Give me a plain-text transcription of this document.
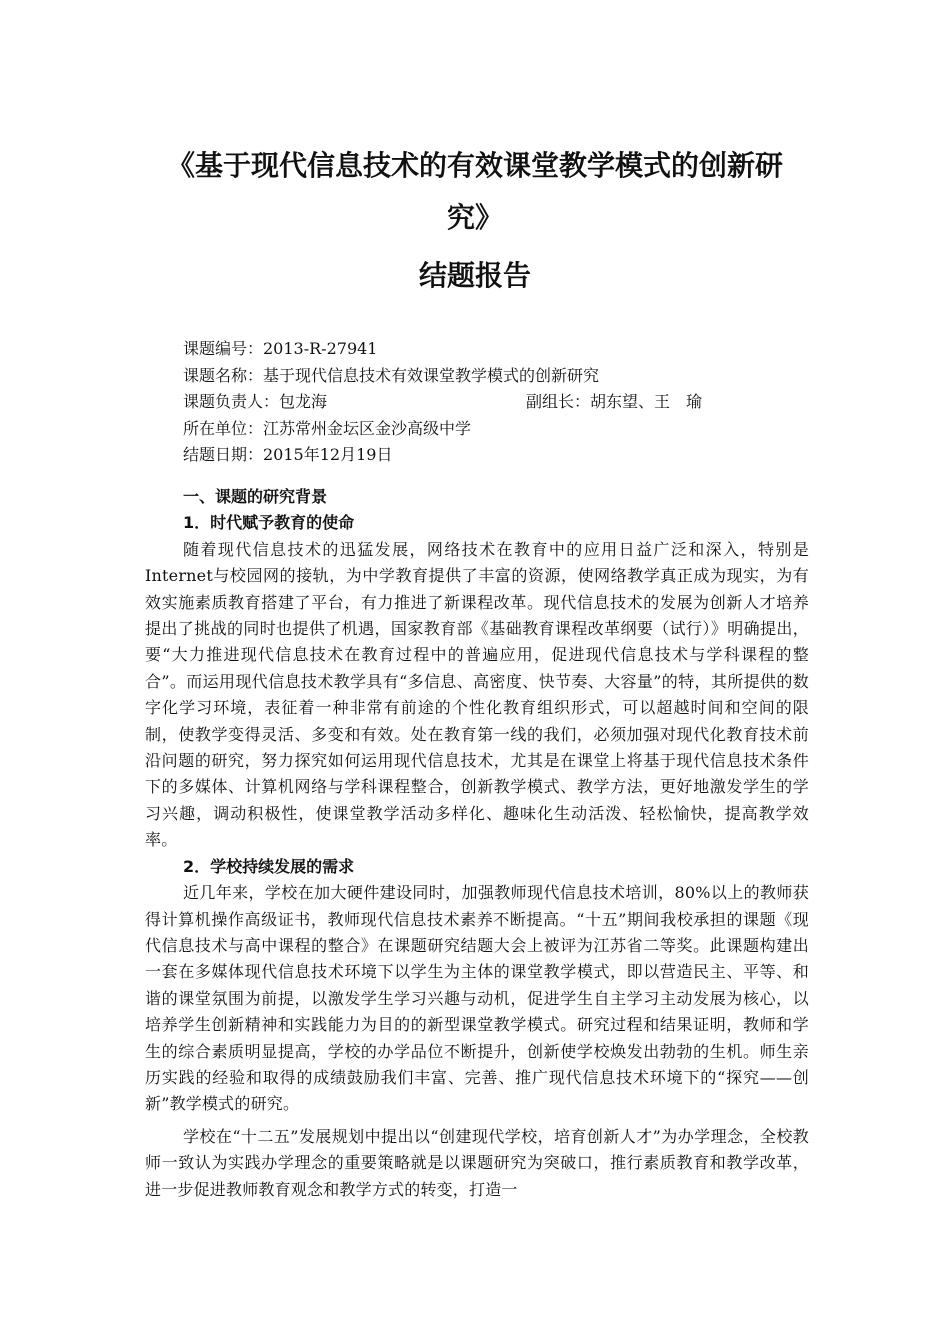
《基于现代信息技术的有效课堂教学模式的创新研
究》
结题报告
课题编号：2013-R-27941
课题名称：基于现代信息技术有效课堂教学模式的创新研究
课题负责人：包龙海	副组长：胡东望、王　瑜
所在单位：江苏常州金坛区金沙高级中学
结题日期：2015年12月19日

一、课题的研究背景

1．时代赋予教育的使命

随着现代信息技术的迅猛发展，网络技术在教育中的应用日益广泛和深入，特别是Internet与校园网的接轨，为中学教育提供了丰富的资源，使网络教学真正成为现实，为有效实施素质教育搭建了平台，有力推进了新课程改革。现代信息技术的发展为创新人才培养提出了挑战的同时也提供了机遇，国家教育部《基础教育课程改革纲要（试行）》明确提出，要“大力推进现代信息技术在教育过程中的普遍应用，促进现代信息技术与学科课程的整合”。而运用现代信息技术教学具有“多信息、高密度、快节奏、大容量”的特，其所提供的数字化学习环境，表征着一种非常有前途的个性化教育组织形式，可以超越时间和空间的限制，使教学变得灵活、多变和有效。处在教育第一线的我们，必须加强对现代化教育技术前沿问题的研究，努力探究如何运用现代信息技术，尤其是在课堂上将基于现代信息技术条件下的多媒体、计算机网络与学科课程整合，创新教学模式、教学方法，更好地激发学生的学习兴趣，调动积极性，使课堂教学活动多样化、趣味化生动活泼、轻松愉快，提高教学效率。

2．学校持续发展的需求

近几年来，学校在加大硬件建设同时，加强教师现代信息技术培训，80%以上的教师获得计算机操作高级证书，教师现代信息技术素养不断提高。“十五”期间我校承担的课题《现代信息技术与高中课程的整合》在课题研究结题大会上被评为江苏省二等奖。此课题构建出一套在多媒体现代信息技术环境下以学生为主体的课堂教学模式，即以营造民主、平等、和谐的课堂氛围为前提，以激发学生学习兴趣与动机，促进学生自主学习主动发展为核心，以培养学生创新精神和实践能力为目的的新型课堂教学模式。研究过程和结果证明，教师和学生的综合素质明显提高，学校的办学品位不断提升，创新使学校焕发出勃勃的生机。师生亲历实践的经验和取得的成绩鼓励我们丰富、完善、推广现代信息技术环境下的“探究——创新”教学模式的研究。

学校在“十二五”发展规划中提出以“创建现代学校，培育创新人才”为办学理念，全校教师一致认为实践办学理念的重要策略就是以课题研究为突破口，推行素质教育和教学改革，进一步促进教师教育观念和教学方式的转变，打造一
